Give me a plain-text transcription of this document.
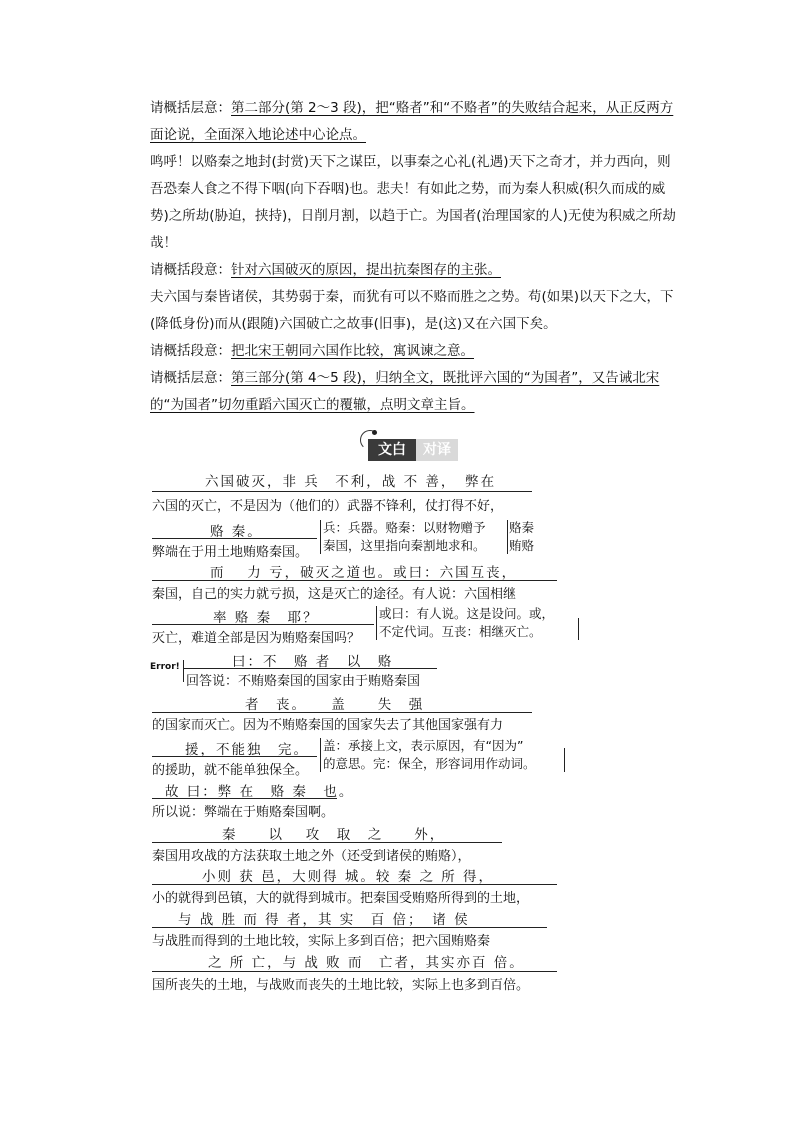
请概括层意：第二部分(第 2～3 段)，把“赂者”和“不赂者”的失败结合起来，从正反两方面论说，全面深入地论述中心论点。
鸣呼！以赂秦之地封(封赏)天下之谋臣，以事秦之心礼(礼遇)天下之奇才，并力西向，则吾恐秦人食之不得下咽(向下吞咽)也。悲夫！有如此之势，而为秦人积威(积久而成的威势)之所劫(胁迫，挟持)，日削月割，以趋于亡。为国者(治理国家的人)无使为积威之所劫哉！
请概括段意：针对六国破灭的原因，提出抗秦图存的主张。
夫六国与秦皆诸侯，其势弱于秦，而犹有可以不赂而胜之之势。苟(如果)以天下之大，下(降低身份)而从(跟随)六国破亡之故事(旧事)，是(这)又在六国下矣。
请概括段意：把北宋王朝同六国作比较，寓讽谏之意。
请概括层意：第三部分(第 4～5 段)，归纳全文，既批评六国的“为国者”，又告诫北宋的“为国者”切勿重蹈六国灭亡的覆辙，点明文章主旨。
文白	对译
六国破灭，非 兵　不利，战 不 善，　弊在
六国的灭亡，不是因为（他们的）武器不锋利，仗打得不好，
赂 秦。
弊端在于用土地贿赂秦国。
兵：兵器。赂秦：以财物赠予
秦国，这里指向秦割地求和。
赂秦
贿赂
而　 力 亏，破灭之道也。或曰：六国互丧，
秦国，自己的实力就亏损，这是灭亡的途径。有人说：六国相继
率 赂 秦　耶？
灭亡，难道全部是因为贿赂秦国吗？
或曰：有人说。这是设问。或，
不定代词。互丧：相继灭亡。
曰：不　赂 者　以　赂
Error!
回答说：不贿赂秦国的国家由于贿赂秦国
者　丧。　　盖　　失　强
的国家而灭亡。因为不贿赂秦国的国家失去了其他国家强有力
援，不能独　完。
的援助，就不能单独保全。
盖：承接上文，表示原因，有“因为”
的意思。完：保全，形容词用作动词。
故 曰：弊 在　赂 秦　也。
所以说：弊端在于贿赂秦国啊。
秦　　以　 攻　取　之　　外，
秦国用攻战的方法获取土地之外（还受到诸侯的贿赂），
小则 获 邑，大则得 城。较 秦 之 所 得，
小的就得到邑镇，大的就得到城市。把秦国受贿赂所得到的土地，
与 战 胜 而 得 者，其 实　百 倍；　诸 侯
与战胜而得到的土地比较，实际上多到百倍；把六国贿赂秦
之 所 亡，与 战 败 而　亡者，其实亦百 倍。
国所丧失的土地，与战败而丧失的土地比较，实际上也多到百倍。
